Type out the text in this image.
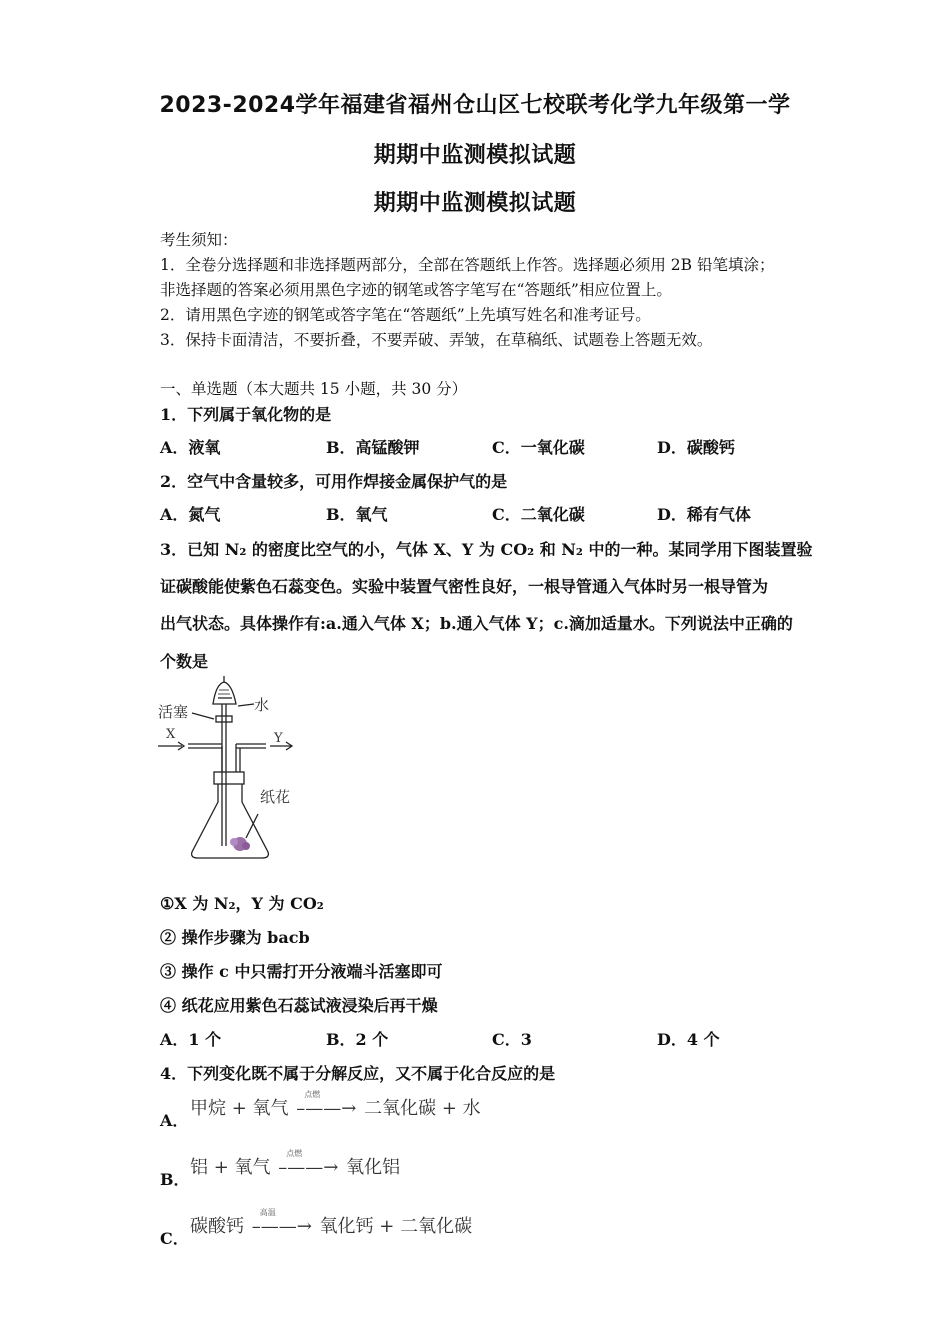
2023-2024学年福建省福州仓山区七校联考化学九年级第一学
期期中监测模拟试题
期期中监测模拟试题
考生须知：
1．全卷分选择题和非选择题两部分，全部在答题纸上作答。选择题必须用 2B 铅笔填涂；
非选择题的答案必须用黑色字迹的钢笔或答字笔写在“答题纸”相应位置上。
2．请用黑色字迹的钢笔或答字笔在“答题纸”上先填写姓名和准考证号。
3．保持卡面清洁，不要折叠，不要弄破、弄皱，在草稿纸、试题卷上答题无效。
一、单选题（本大题共 15 小题，共 30 分）
1．下列属于氧化物的是
A．液氧	B．高锰酸钾	C．一氧化碳	D．碳酸钙
2．空气中含量较多，可用作焊接金属保护气的是
A．氮气	B．氧气	C．二氧化碳	D．稀有气体
3．已知 N₂ 的密度比空气的小，气体 X、Y 为 CO₂ 和 N₂ 中的一种。某同学用下图装置验
证碳酸能使紫色石蕊变色。实验中装置气密性良好，一根导管通入气体时另一根导管为
出气状态。具体操作有:a.通入气体 X；b.通入气体 Y；c.滴加适量水。下列说法中正确的
个数是
活塞	水
X	Y
纸花
①X 为 N₂，Y 为 CO₂
② 操作步骤为 bacb
③ 操作 c 中只需打开分液端斗活塞即可
④ 纸花应用紫色石蕊试液浸染后再干燥
A．1 个	B．2 个	C．3	D．4 个
4．下列变化既不属于分解反应，又不属于化合反应的是
A．
甲烷 + 氧气
点燃
–——→ 二氧化碳 + 水
B．
铝 + 氧气
点燃
–——→ 氧化铝
C．
碳酸钙
高温
–——→ 氧化钙 + 二氧化碳
